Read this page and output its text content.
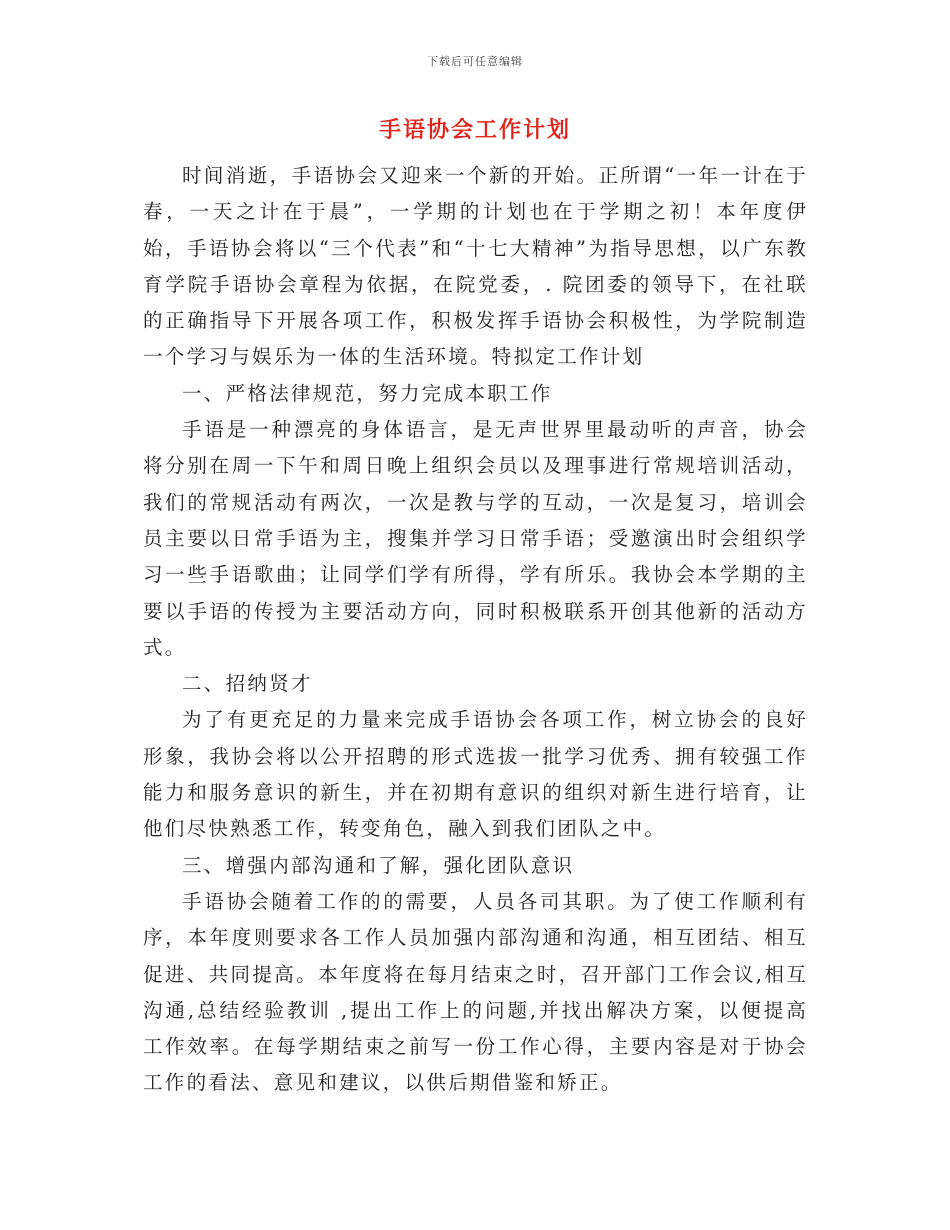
下载后可任意编辑
手语协会工作计划

时间消逝，手语协会又迎来一个新的开始。正所谓“一年一计在于春，一天之计在于晨”，一学期的计划也在于学期之初！本年度伊始，手语协会将以“三个代表”和“十七大精神”为指导思想，以广东教育学院手语协会章程为依据，在院党委，. 院团委的领导下，在社联的正确指导下开展各项工作，积极发挥手语协会积极性，为学院制造一个学习与娱乐为一体的生活环境。特拟定工作计划

一、严格法律规范，努力完成本职工作

手语是一种漂亮的身体语言，是无声世界里最动听的声音，协会将分别在周一下午和周日晚上组织会员以及理事进行常规培训活动，我们的常规活动有两次，一次是教与学的互动，一次是复习，培训会员主要以日常手语为主，搜集并学习日常手语；受邀演出时会组织学习一些手语歌曲；让同学们学有所得，学有所乐。我协会本学期的主要以手语的传授为主要活动方向，同时积极联系开创其他新的活动方式。

二、招纳贤才

为了有更充足的力量来完成手语协会各项工作，树立协会的良好形象，我协会将以公开招聘的形式选拔一批学习优秀、拥有较强工作能力和服务意识的新生，并在初期有意识的组织对新生进行培育，让他们尽快熟悉工作，转变角色，融入到我们团队之中。

三、增强内部沟通和了解，强化团队意识

手语协会随着工作的的需要，人员各司其职。为了使工作顺利有序，本年度则要求各工作人员加强内部沟通和沟通，相互团结、相互促进、共同提高。本年度将在每月结束之时，召开部门工作会议,相互沟通,总结经验教训 ,提出工作上的问题,并找出解决方案，以便提高工作效率。在每学期结束之前写一份工作心得，主要内容是对于协会工作的看法、意见和建议，以供后期借鉴和矫正。
